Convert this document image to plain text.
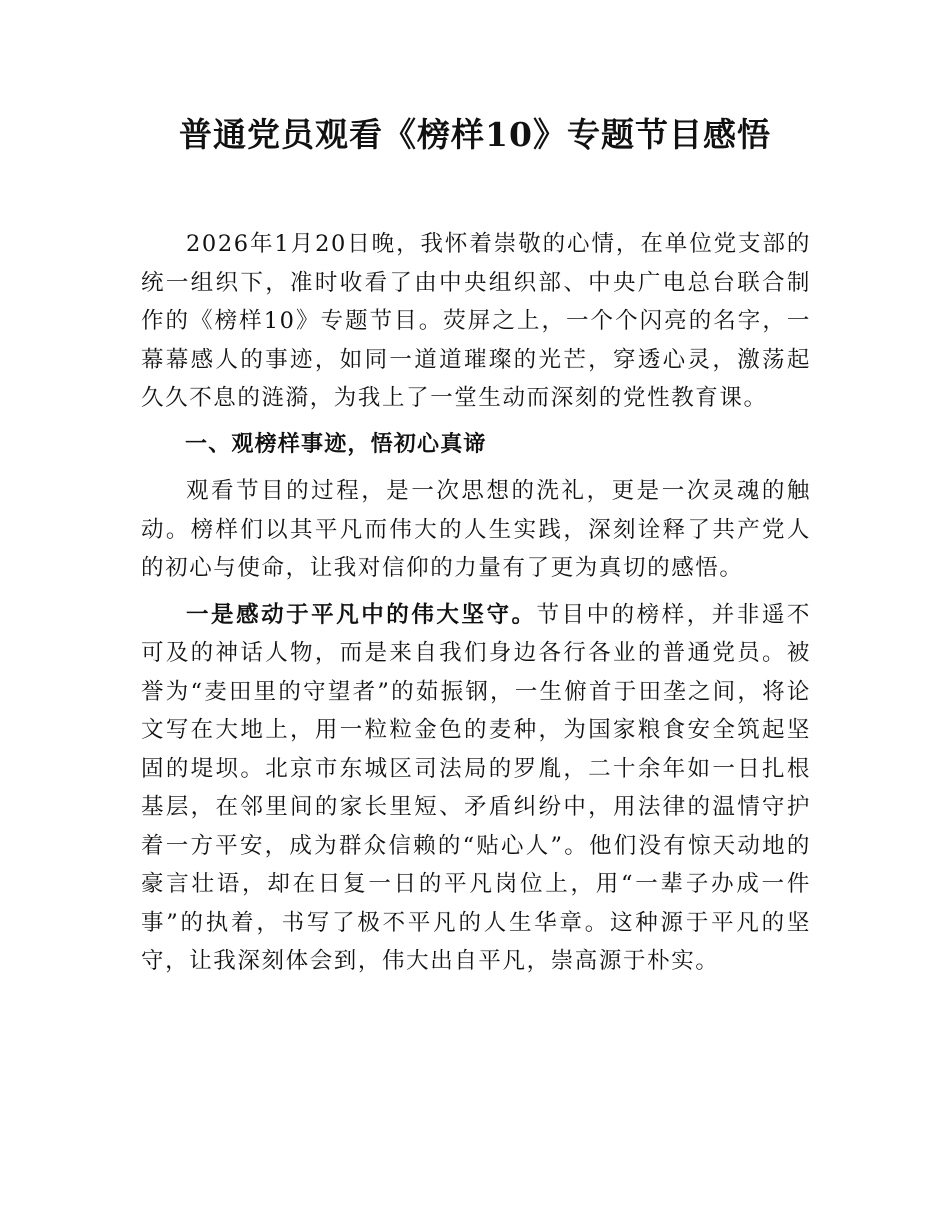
普通党员观看《榜样10》专题节目感悟

2026年1月20日晚，我怀着崇敬的心情，在单位党支部的统一组织下，准时收看了由中央组织部、中央广电总台联合制作的《榜样10》专题节目。荧屏之上，一个个闪亮的名字，一幕幕感人的事迹，如同一道道璀璨的光芒，穿透心灵，激荡起久久不息的涟漪，为我上了一堂生动而深刻的党性教育课。

一、观榜样事迹，悟初心真谛

观看节目的过程，是一次思想的洗礼，更是一次灵魂的触动。榜样们以其平凡而伟大的人生实践，深刻诠释了共产党人的初心与使命，让我对信仰的力量有了更为真切的感悟。

一是感动于平凡中的伟大坚守。节目中的榜样，并非遥不可及的神话人物，而是来自我们身边各行各业的普通党员。被誉为“麦田里的守望者”的茹振钢，一生俯首于田垄之间，将论文写在大地上，用一粒粒金色的麦种，为国家粮食安全筑起坚固的堤坝。北京市东城区司法局的罗胤，二十余年如一日扎根基层，在邻里间的家长里短、矛盾纠纷中，用法律的温情守护着一方平安，成为群众信赖的“贴心人”。他们没有惊天动地的豪言壮语，却在日复一日的平凡岗位上，用“一辈子办成一件事”的执着，书写了极不平凡的人生华章。这种源于平凡的坚守，让我深刻体会到，伟大出自平凡，崇高源于朴实。
